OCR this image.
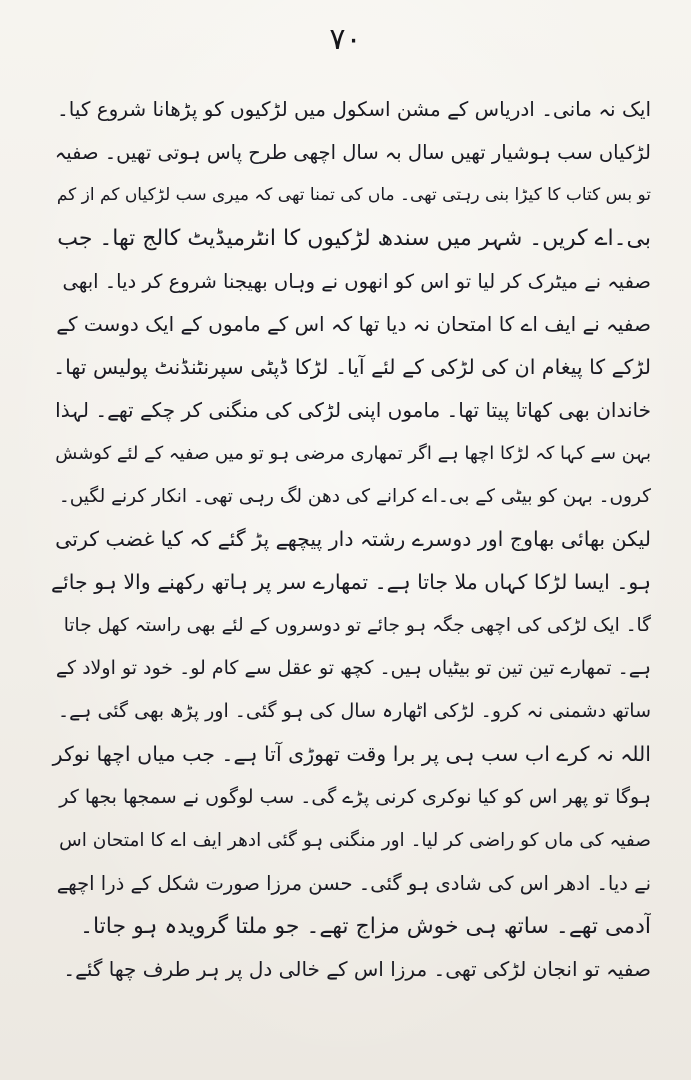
۷۰
ایک نہ مانی۔ ادریاس کے مشن اسکول میں لڑکیوں کو پڑھانا شروع کیا۔
لڑکیاں سب ہوشیار تھیں سال بہ سال اچھی طرح پاس ہوتی تھیں۔ صفیہ
تو بس کتاب کا کیڑا بنی رہتی تھی۔ ماں کی تمنا تھی کہ میری سب لڑکیاں کم از کم
بی۔اے کریں۔ شہر میں سندھ لڑکیوں کا انٹرمیڈیٹ کالج تھا۔ جب
صفیہ نے میٹرک کر لیا تو اس کو انھوں نے وہاں بھیجنا شروع کر دیا۔ ابھی
صفیہ نے ایف اے کا امتحان نہ دیا تھا کہ اس کے ماموں کے ایک دوست کے
لڑکے کا پیغام ان کی لڑکی کے لئے آیا۔ لڑکا ڈپٹی سپرنٹنڈنٹ پولیس تھا۔
خاندان بھی کھاتا پیتا تھا۔ ماموں اپنی لڑکی کی منگنی کر چکے تھے۔ لہذا
بہن سے کہا کہ لڑکا اچھا ہے اگر تمھاری مرضی ہو تو میں صفیہ کے لئے کوشش
کروں۔ بہن کو بیٹی کے بی۔اے کرانے کی دھن لگ رہی تھی۔ انکار کرنے لگیں۔
لیکن بھائی بھاوج اور دوسرے رشتہ دار پیچھے پڑ گئے کہ کیا غضب کرتی
ہو۔ ایسا لڑکا کہاں ملا جاتا ہے۔ تمھارے سر پر ہاتھ رکھنے والا ہو جائے
گا۔ ایک لڑکی کی اچھی جگہ ہو جائے تو دوسروں کے لئے بھی راستہ کھل جاتا
ہے۔ تمھارے تین تین تو بیٹیاں ہیں۔ کچھ تو عقل سے کام لو۔ خود تو اولاد کے
ساتھ دشمنی نہ کرو۔ لڑکی اٹھارہ سال کی ہو گئی۔ اور پڑھ بھی گئی ہے۔
اللہ نہ کرے اب سب ہی پر برا وقت تھوڑی آتا ہے۔ جب میاں اچھا نوکر
ہوگا تو پھر اس کو کیا نوکری کرنی پڑے گی۔ سب لوگوں نے سمجھا بجھا کر
صفیہ کی ماں کو راضی کر لیا۔ اور منگنی ہو گئی ادھر ایف اے کا امتحان اس
نے دیا۔ ادھر اس کی شادی ہو گئی۔ حسن مرزا صورت شکل کے ذرا اچھے
آدمی تھے۔ ساتھ ہی خوش مزاج تھے۔ جو ملتا گرویدہ ہو جاتا۔
صفیہ تو انجان لڑکی تھی۔ مرزا اس کے خالی دل پر ہر طرف چھا گئے۔
